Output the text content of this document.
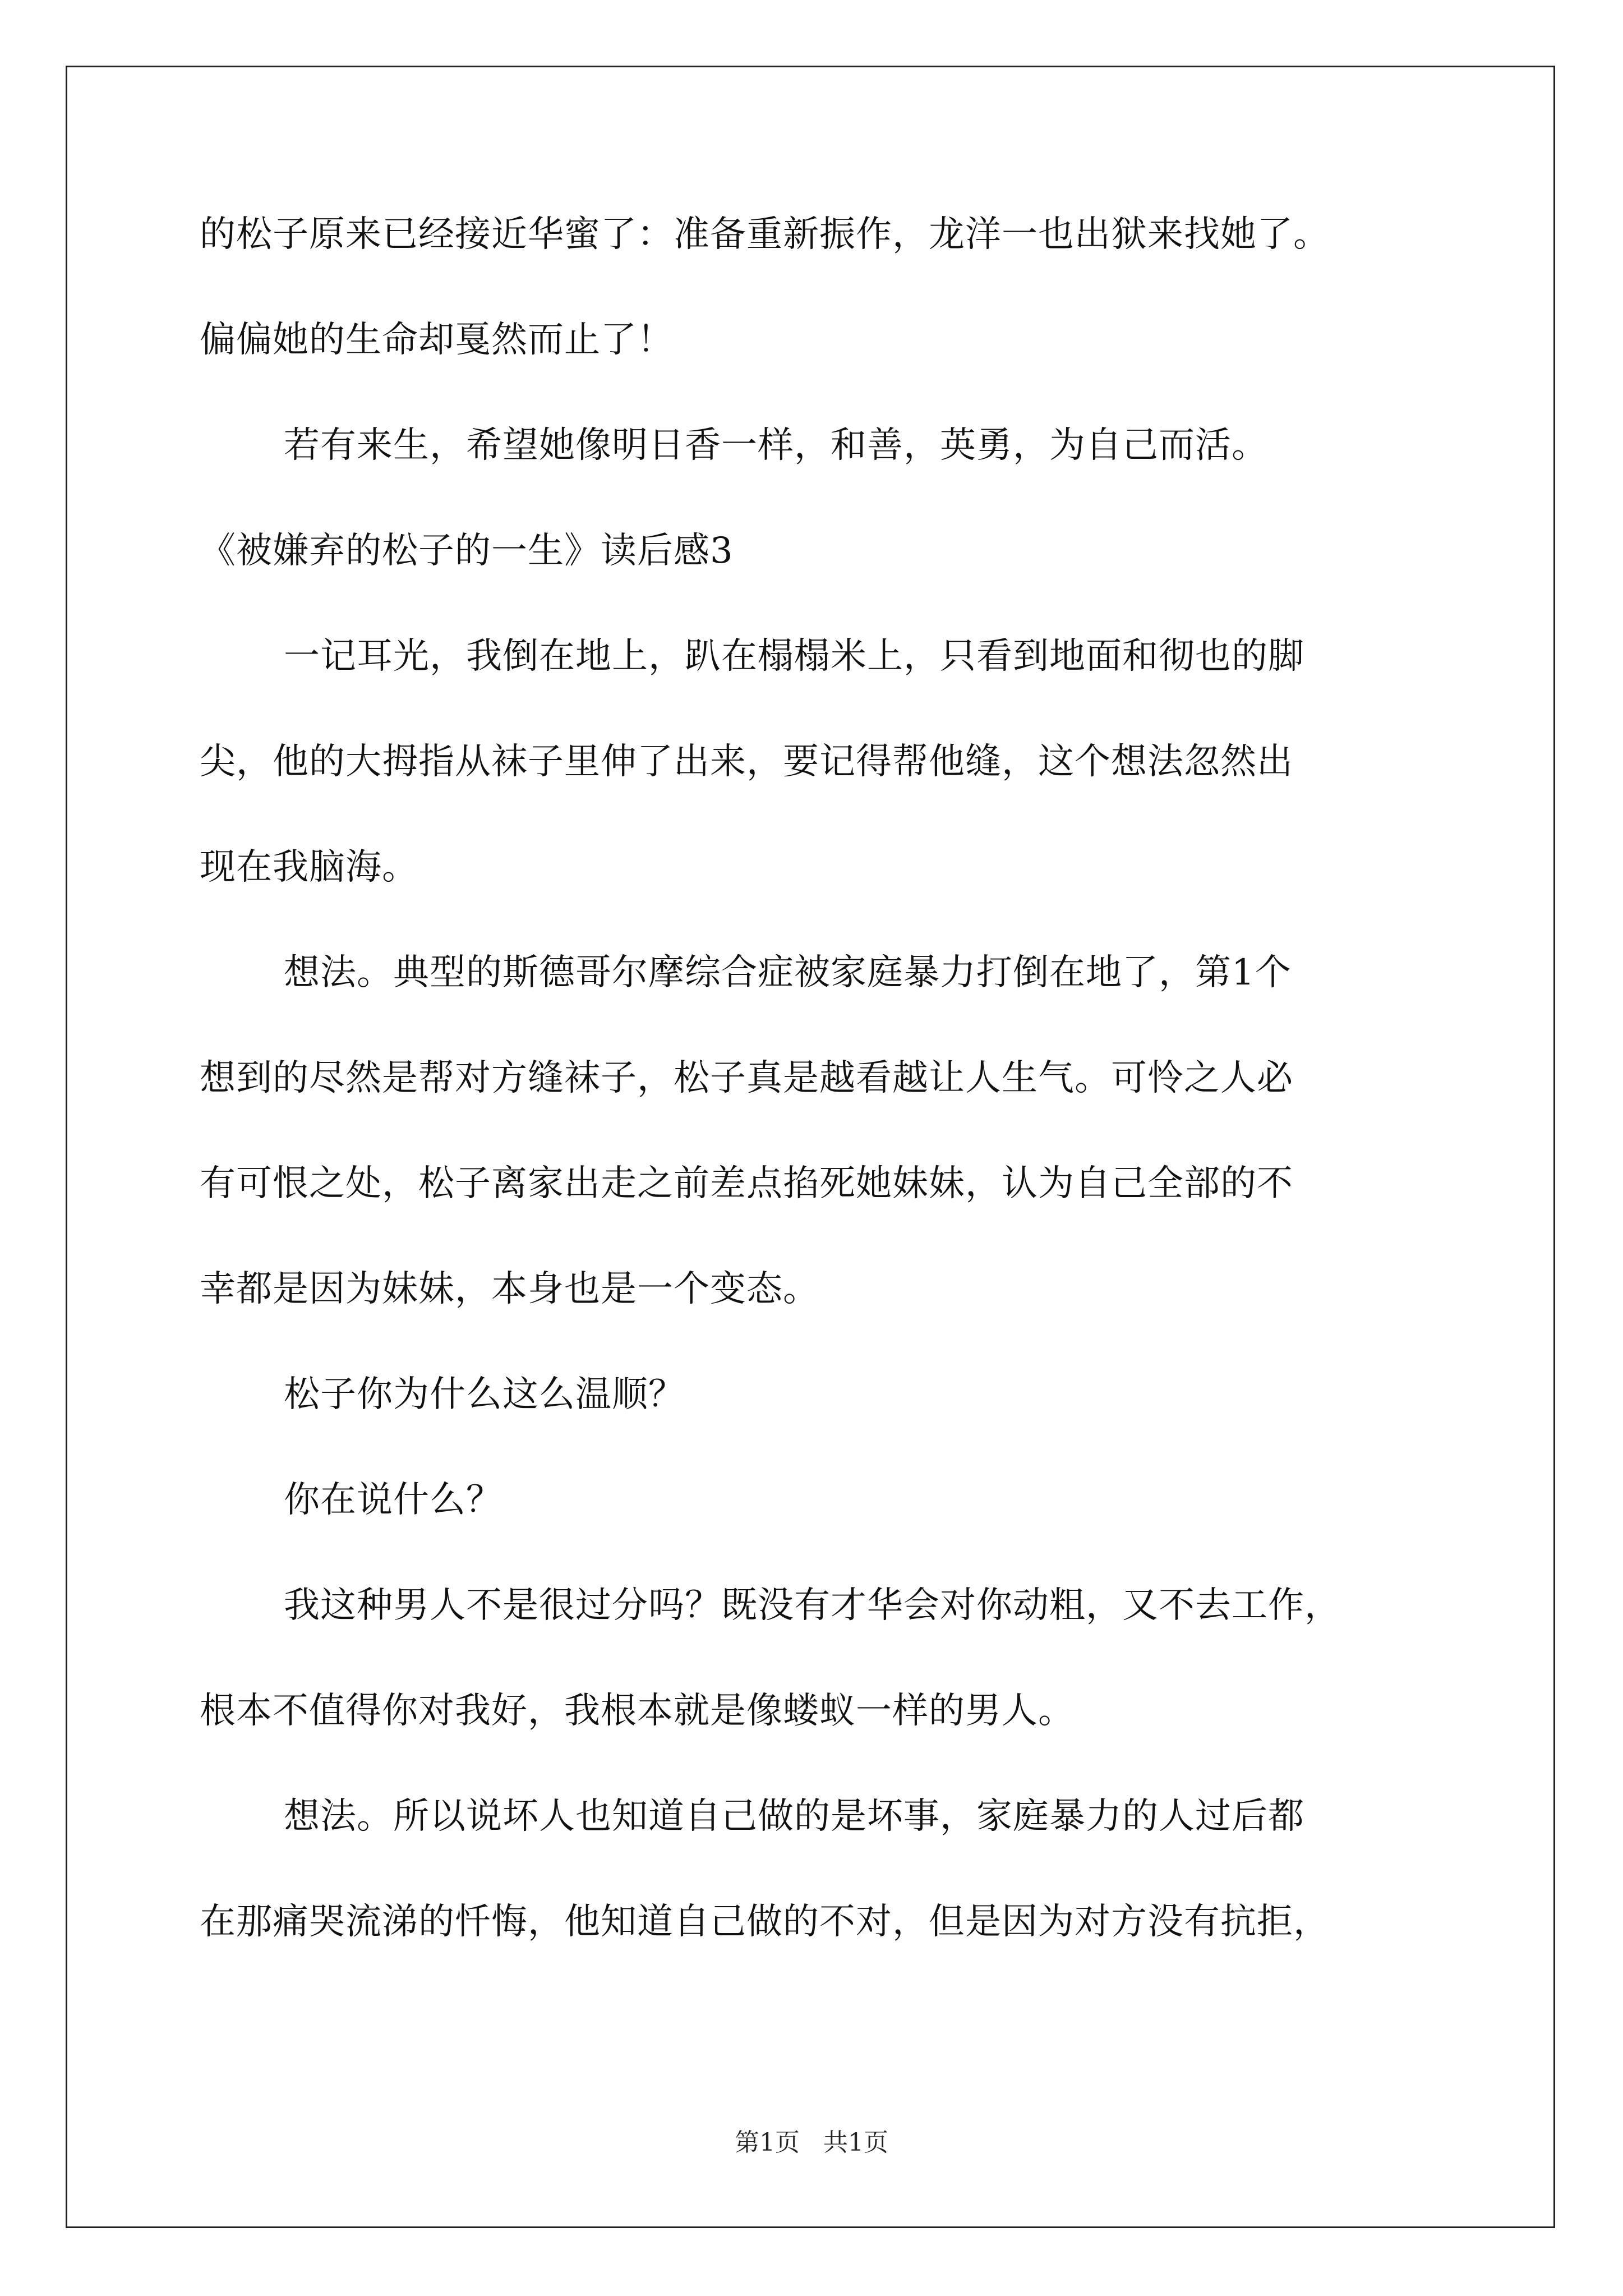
的松子原来已经接近华蜜了：准备重新振作，龙洋一也出狱来找她了。
偏偏她的生命却戛然而止了！
若有来生，希望她像明日香一样，和善，英勇，为自己而活。
《被嫌弃的松子的一生》读后感3
一记耳光，我倒在地上，趴在榻榻米上，只看到地面和彻也的脚
尖，他的大拇指从袜子里伸了出来，要记得帮他缝，这个想法忽然出
现在我脑海。
想法。典型的斯德哥尔摩综合症被家庭暴力打倒在地了，第1个
想到的尽然是帮对方缝袜子，松子真是越看越让人生气。可怜之人必
有可恨之处，松子离家出走之前差点掐死她妹妹，认为自己全部的不
幸都是因为妹妹，本身也是一个变态。
松子你为什么这么温顺？
你在说什么？
我这种男人不是很过分吗？既没有才华会对你动粗，又不去工作，
根本不值得你对我好，我根本就是像蝼蚁一样的男人。
想法。所以说坏人也知道自己做的是坏事，家庭暴力的人过后都
在那痛哭流涕的忏悔，他知道自己做的不对，但是因为对方没有抗拒，
第1页   共1页
